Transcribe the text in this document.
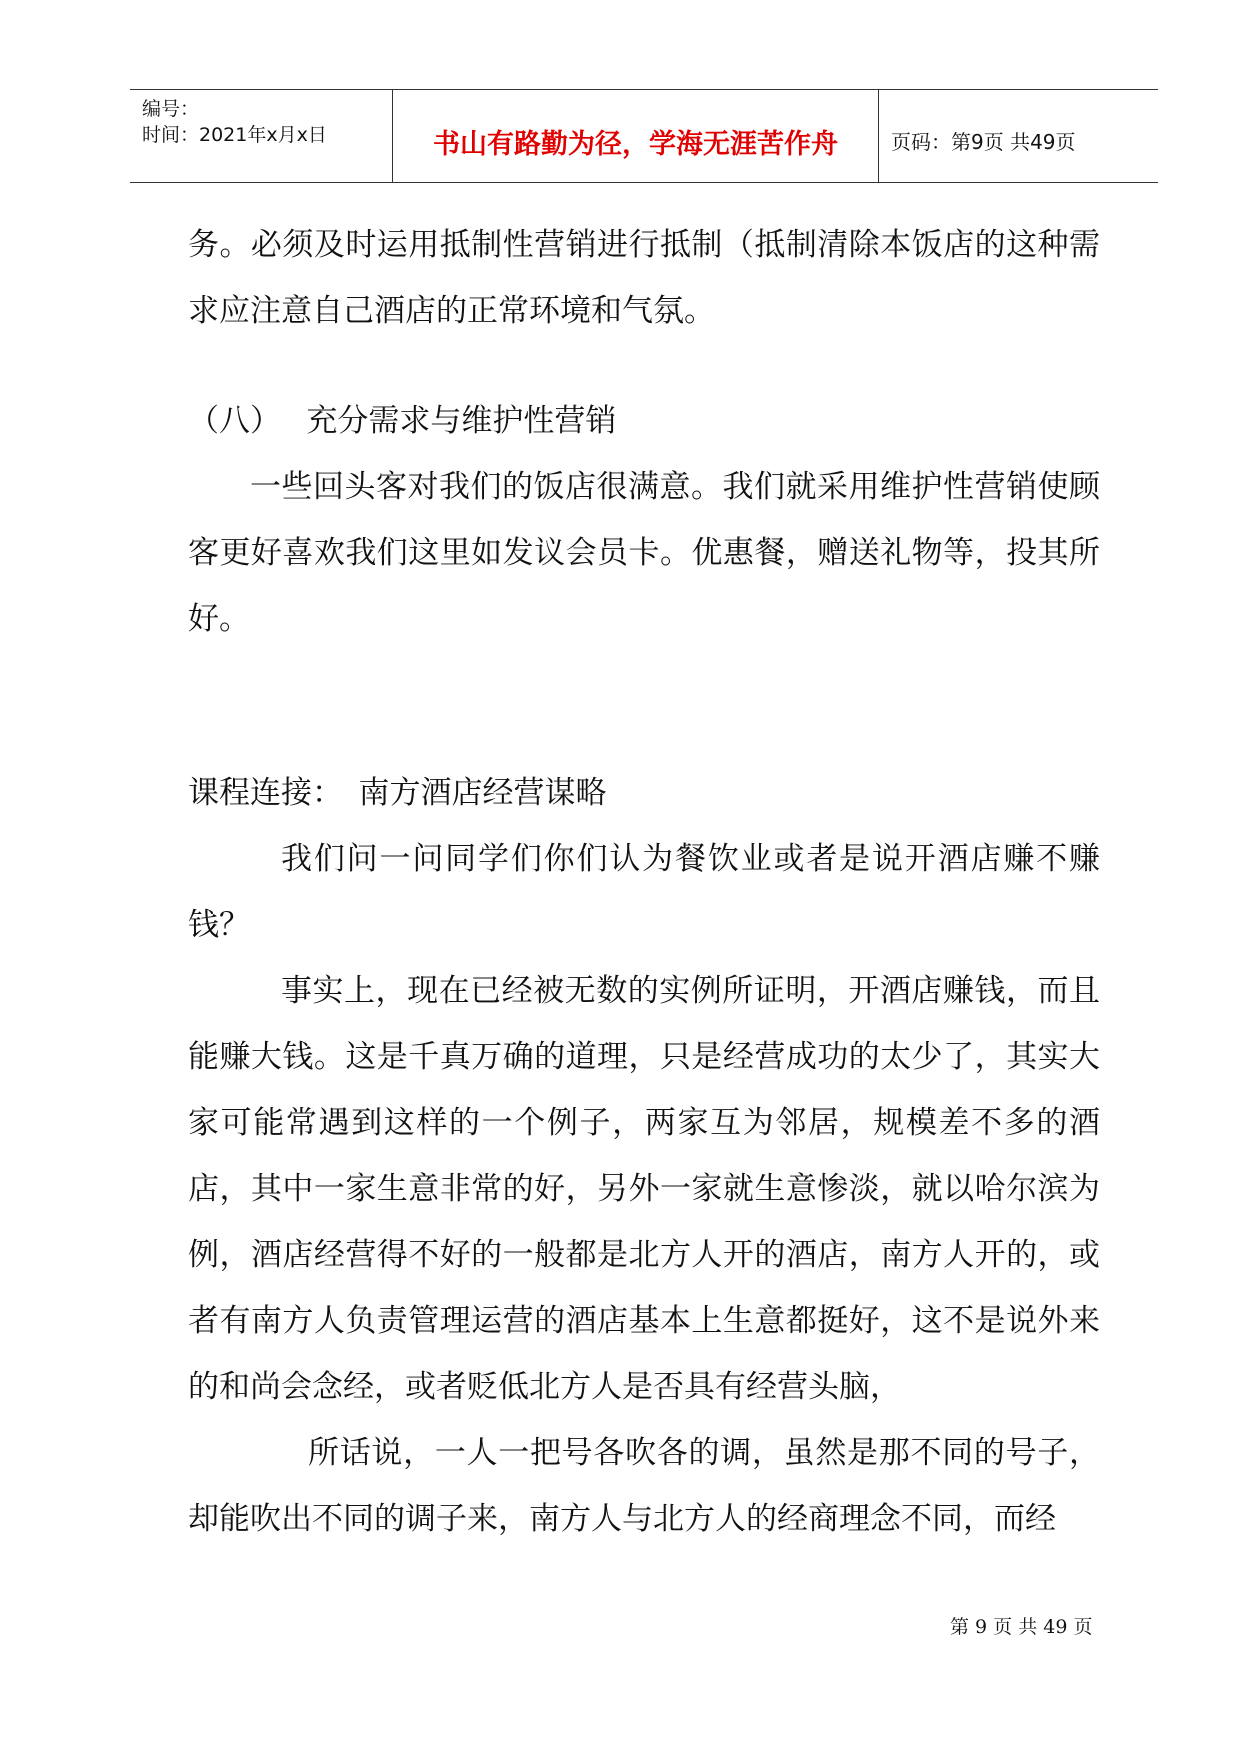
编号：
时间：2021年x月x日	书山有路勤为径，学海无涯苦作舟	页码：第9页 共49页

务。必须及时运用抵制性营销进行抵制（抵制清除本饭店的这种需求应注意自己酒店的正常环境和气氛。

（八）　 充分需求与维护性营销

一些回头客对我们的饭店很满意。我们就采用维护性营销使顾客更好喜欢我们这里如发议会员卡。优惠餐，赠送礼物等，投其所好。

课程连接：　南方酒店经营谋略

我们问一问同学们你们认为餐饮业或者是说开酒店赚不赚钱？

事实上，现在已经被无数的实例所证明，开酒店赚钱，而且能赚大钱。这是千真万确的道理，只是经营成功的太少了，其实大家可能常遇到这样的一个例子，两家互为邻居，规模差不多的酒店，其中一家生意非常的好，另外一家就生意惨淡，就以哈尔滨为例，酒店经营得不好的一般都是北方人开的酒店，南方人开的，或者有南方人负责管理运营的酒店基本上生意都挺好，这不是说外来的和尚会念经，或者贬低北方人是否具有经营头脑，

所话说，一人一把号各吹各的调，虽然是那不同的号子，却能吹出不同的调子来，南方人与北方人的经商理念不同，而经

第 9 页 共 49 页
